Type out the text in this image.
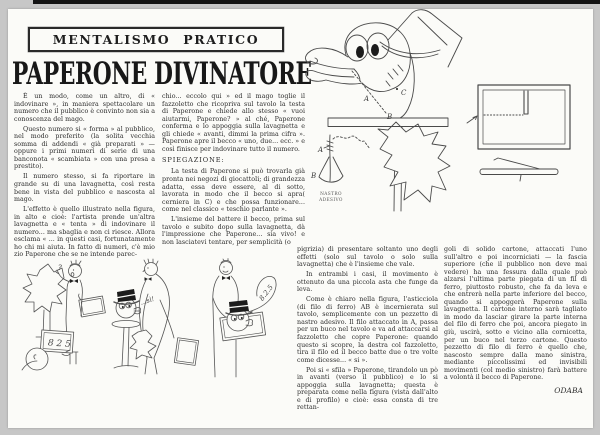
MENTALISMO PRATICO
PAPERONE DIVINATORE

È un modo, come un altro, di « indovinare », in maniera spettacolare un numero che il pubblico è convinto non sia a conoscenza del mago.

Questo numero si « forma » al pubblico, nel modo preferito (la solita vecchia somma di addendi « già preparati » — oppure i primi numeri di serie di una banconota « scambiata » con una presa a prestito).

Il numero stesso, si fa riportare in grande su di una lavagnetta, così resta bene in vista del pubblico e nascosta al mago.

L'effetto è quello illustrato nella figura, in alto e cioè: l'artista prende un'altra lavagnetta e « tenta » di indovinare il numero... ma sbaglia e non ci riesce. Allora esclama « ... in questi casi, fortunatamente ho chi mi aiuta. In fatto di numeri, c'è mio zio Paperone che se ne intende parec-

chio... eccolo qui » ed il mago toglie il fazzoletto che ricopriva sul tavolo la testa di Paperone e chiede allo stesso « vuoi aiutarmi, Paperone? » al ché, Paperone conferma e lo appoggia sulla lavagnetta e gli chiede « avanti, dimmi la prima cifra ». Paperone apre il becco « uno, due... ecc. » e così finisce per indovinare tutto il numero.

SPIEGAZIONE:

La testa di Paperone si può trovarla già pronta nei negozi di giocattoli; di grandezza adatta, essa deve essere, al di sotto, lavorata in modo che il becco si apra( cerniera in C) e che possa funzionare... come nel classico « teschio parlante ».

L'insieme del battere il becco, prima sul tavolo e subito dopo sulla lavagnetta, dà l'impressione che Paperone... sia vivo! e non lasciatevi tentare, per semplicità (o

pigrizia) di presentare soltanto uno degli effetti (solo sul tavolo o solo sulla lavagnetta) che è l'insieme che vale.

In entrambi i casi, il movimento è ottenuto da una piccola asta che funge da leva.

Come è chiaro nella figura, l'asticciola (di filo di ferro) AB è incernierata sul tavolo, semplicemente con un pezzetto di nastro adesivo. Il filo attaccato in A, passa per un buco nel tavolo e va ad attaccarsi al fazzoletto che copre Paperone: quando questo si scopre, la destra col fazzoletto, tira il filo ed il becco batte due o tre volte come dicesse... « si ».

Poi si « sfila » Paperone, tirandolo un pò in avanti (verso il pubblico) e lo si appoggia sulla lavagnetta; questa è preparata come nella figura (vista dall'alto e di profilo) e cioè: essa consta di tre rettan-

goli di solido cartone, attaccati l'uno sull'altro e poi incorniciati — la fascia superiore (che il pubblico non deve mai vedere) ha una fessura dalla quale può alzarsi l'ultima parte piegata di un fil di ferro, piuttosto robusto, che fa da leva e che entrerà nella parte inferiore del becco, quando si appoggerà Paperone sulla lavagnetta. Il cartone interno sarà tagliato in modo da lasciar girare la parte interna del filo di ferro che poi, ancora piegato in giù, uscirà, sotto e vicino alla cornicetta, per un buco nel terzo cartone. Questo pezzetto di filo di ferro è quello che, nascosto sempre dalla mano sinistra, mediante piccolissimi ed invisibili movimenti (col medio sinistro) farà battere a volontà il becco di Paperone.

ODABA

A
B
C
A
B
NASTRO
ADESIVO
?
8 2 5
...sì!	8.2.5
